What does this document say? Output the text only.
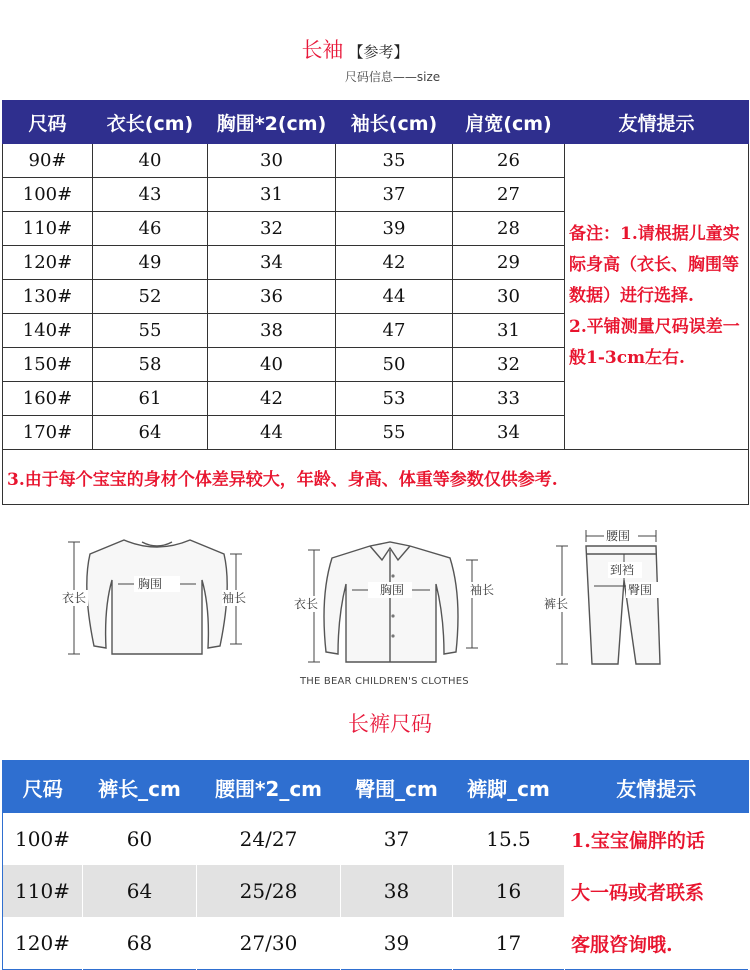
长袖 【参考】
尺码信息——size
尺码	衣长(cm)	胸围*2(cm)	袖长(cm)	肩宽(cm)	友情提示
90#	40	30	35	26	备注：1.请根据儿童实际身高（衣长、胸围等数据）进行选择.
2.平铺测量尺码误差一般1-3cm左右.
100#	43	31	37	27	
110#	46	32	39	28	
120#	49	34	42	29	
130#	52	36	44	30	
140#	55	38	47	31	
150#	58	40	50	32	
160#	61	42	53	33	
170#	64	44	55	34	
3.由于每个宝宝的身材个体差异较大，年龄、身高、体重等参数仅供参考.					
衣长
胸围
袖长	衣长
胸围	袖长
THE BEAR CHILDREN'S CLOTHES
腰围
到裆
裤长
臀围
长裤尺码
尺码	裤长_cm	腰围*2_cm	臀围_cm	裤脚_cm	友情提示
100#	60	24/27	37	15.5	1.宝宝偏胖的话
110#	64	25/28	38	16	大一码或者联系
120#	68	27/30	39	17	客服咨询哦.
